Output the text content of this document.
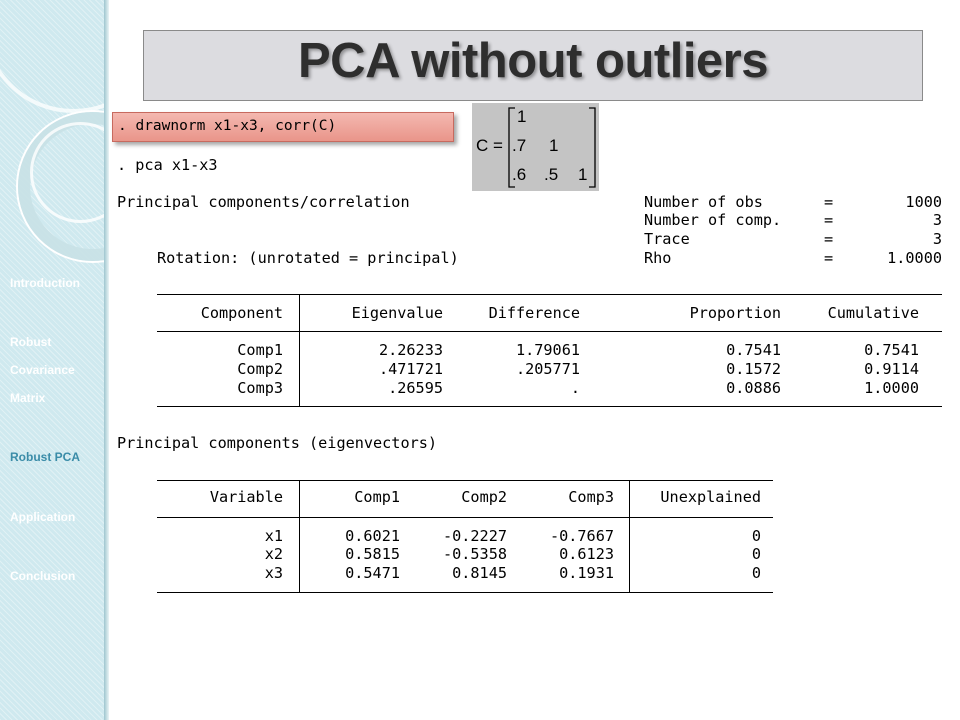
Introduction
Robust
Covariance
Matrix
Robust PCA
Application
Conclusion
PCA without outliers
. drawnorm x1-x3, corr(C)
C =
1
.7 1
.6 .5 1
. pca x1-x3
Principal components/correlation
Rotation: (unrotated = principal)
Number of obs	=	1000
Number of comp.	=	3
Trace	=	3
Rho	=	1.0000
Component	Eigenvalue	Difference	Proportion	Cumulative
Comp1	2.26233	1.79061	0.7541	0.7541
Comp2	.471721	.205771	0.1572	0.9114
Comp3	.26595	.	0.0886	1.0000
Principal components (eigenvectors)
Variable	Comp1	Comp2	Comp3	Unexplained
x1	0.6021	-0.2227	-0.7667	0
x2	0.5815	-0.5358	0.6123	0
x3	0.5471	0.8145	0.1931	0
